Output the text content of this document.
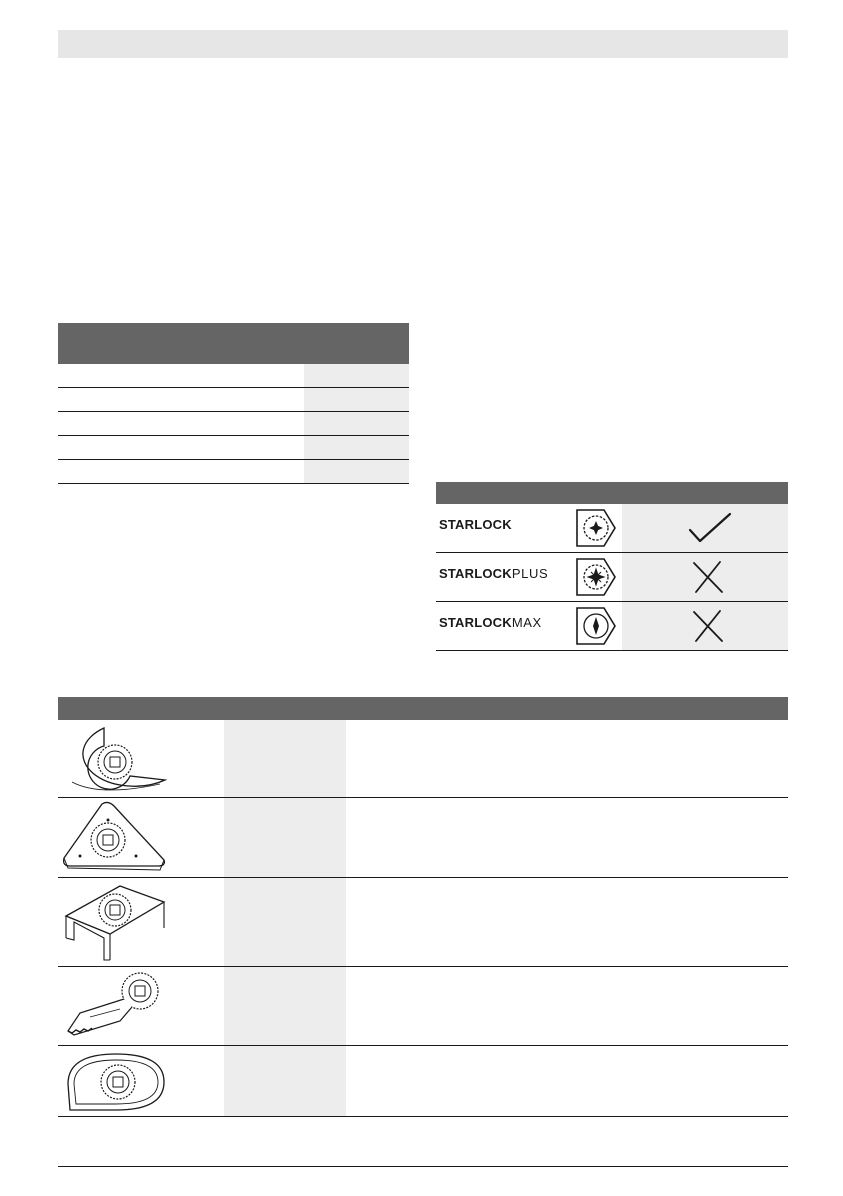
STARLOCK
STARLOCKPLUS
STARLOCKMAX
